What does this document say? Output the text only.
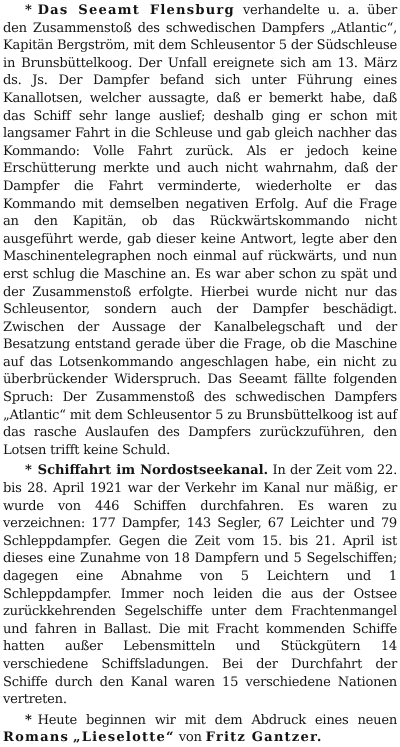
* Das Seeamt Flensburg verhandelte u. a. über den Zusammenstoß des schwedischen Dampfers „Atlantic“, Kapitän Bergström, mit dem Schleusentor 5 der Südschleuse in Brunsbüttelkoog. Der Unfall ereignete sich am 13. März ds. Js. Der Dampfer befand sich unter Führung eines Kanallotsen, welcher aussagte, daß er bemerkt habe, daß das Schiff sehr lange auslief; deshalb ging er schon mit langsamer Fahrt in die Schleuse und gab gleich nachher das Kommando: Volle Fahrt zurück. Als er jedoch keine Erschütterung merkte und auch nicht wahrnahm, daß der Dampfer die Fahrt verminderte, wiederholte er das Kommando mit demselben negativen Erfolg. Auf die Frage an den Kapitän, ob das Rückwärtskommando nicht ausgeführt werde, gab dieser keine Antwort, legte aber den Maschinentelegraphen noch einmal auf rückwärts, und nun erst schlug die Maschine an. Es war aber schon zu spät und der Zusammenstoß erfolgte. Hierbei wurde nicht nur das Schleusentor, sondern auch der Dampfer beschädigt. Zwischen der Aussage der Kanalbelegschaft und der Besatzung entstand gerade über die Frage, ob die Maschine auf das Lotsenkommando angeschlagen habe, ein nicht zu überbrückender Widerspruch. Das Seeamt fällte folgenden Spruch: Der Zusammenstoß des schwedischen Dampfers „Atlantic“ mit dem Schleusentor 5 zu Brunsbüttelkoog ist auf das rasche Auslaufen des Dampfers zurückzuführen, den Lotsen trifft keine Schuld.

* Schiffahrt im Nordostseekanal. In der Zeit vom 22. bis 28. April 1921 war der Verkehr im Kanal nur mäßig, er wurde von 446 Schiffen durchfahren. Es waren zu verzeichnen: 177 Dampfer, 143 Segler, 67 Leichter und 79 Schleppdampfer. Gegen die Zeit vom 15. bis 21. April ist dieses eine Zunahme von 18 Dampfern und 5 Segelschiffen; dagegen eine Abnahme von 5 Leichtern und 1 Schleppdampfer. Immer noch leiden die aus der Ostsee zurückkehrenden Segelschiffe unter dem Frachtenmangel und fahren in Ballast. Die mit Fracht kommenden Schiffe hatten außer Lebensmitteln und Stückgütern 14 verschiedene Schiffsladungen. Bei der Durchfahrt der Schiffe durch den Kanal waren 15 verschiedene Nationen vertreten.

* Heute beginnen wir mit dem Abdruck eines neuen Romans „Lieselotte“ von Fritz Gantzer.
